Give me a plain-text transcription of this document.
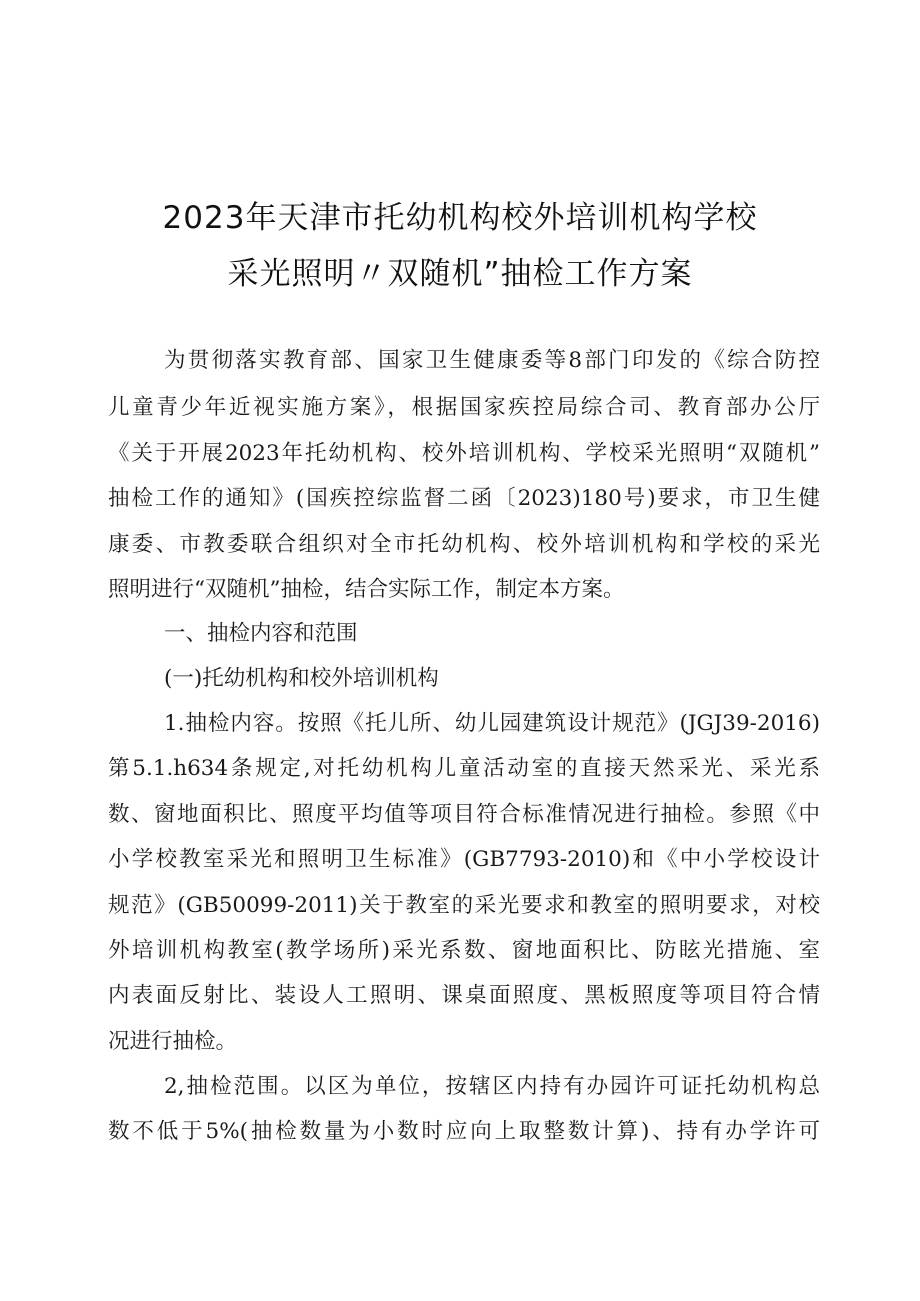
2023年天津市托幼机构校外培训机构学校
采光照明〃双随机”抽检工作方案
为贯彻落实教育部、国家卫生健康委等8部门印发的《综合防控
儿童青少年近视实施方案》，根据国家疾控局综合司、教育部办公厅
《关于开展2023年托幼机构、校外培训机构、学校采光照明“双随机”
抽检工作的通知》(国疾控综监督二函〔2023)180号)要求，市卫生健
康委、市教委联合组织对全市托幼机构、校外培训机构和学校的采光
照明进行“双随机”抽检，结合实际工作，制定本方案。
一、抽检内容和范围
(一)托幼机构和校外培训机构
1.抽检内容。按照《托儿所、幼儿园建筑设计规范》(JGJ39-2016)
第5.1.h634条规定,对托幼机构儿童活动室的直接天然采光、采光系
数、窗地面积比、照度平均值等项目符合标准情况进行抽检。参照《中
小学校教室采光和照明卫生标准》(GB7793-2010)和《中小学校设计
规范》(GB50099-2011)关于教室的采光要求和教室的照明要求，对校
外培训机构教室(教学场所)采光系数、窗地面积比、防眩光措施、室
内表面反射比、装设人工照明、课桌面照度、黑板照度等项目符合情
况进行抽检。
2,抽检范围。以区为单位，按辖区内持有办园许可证托幼机构总
数不低于5%(抽检数量为小数时应向上取整数计算)、持有办学许可
